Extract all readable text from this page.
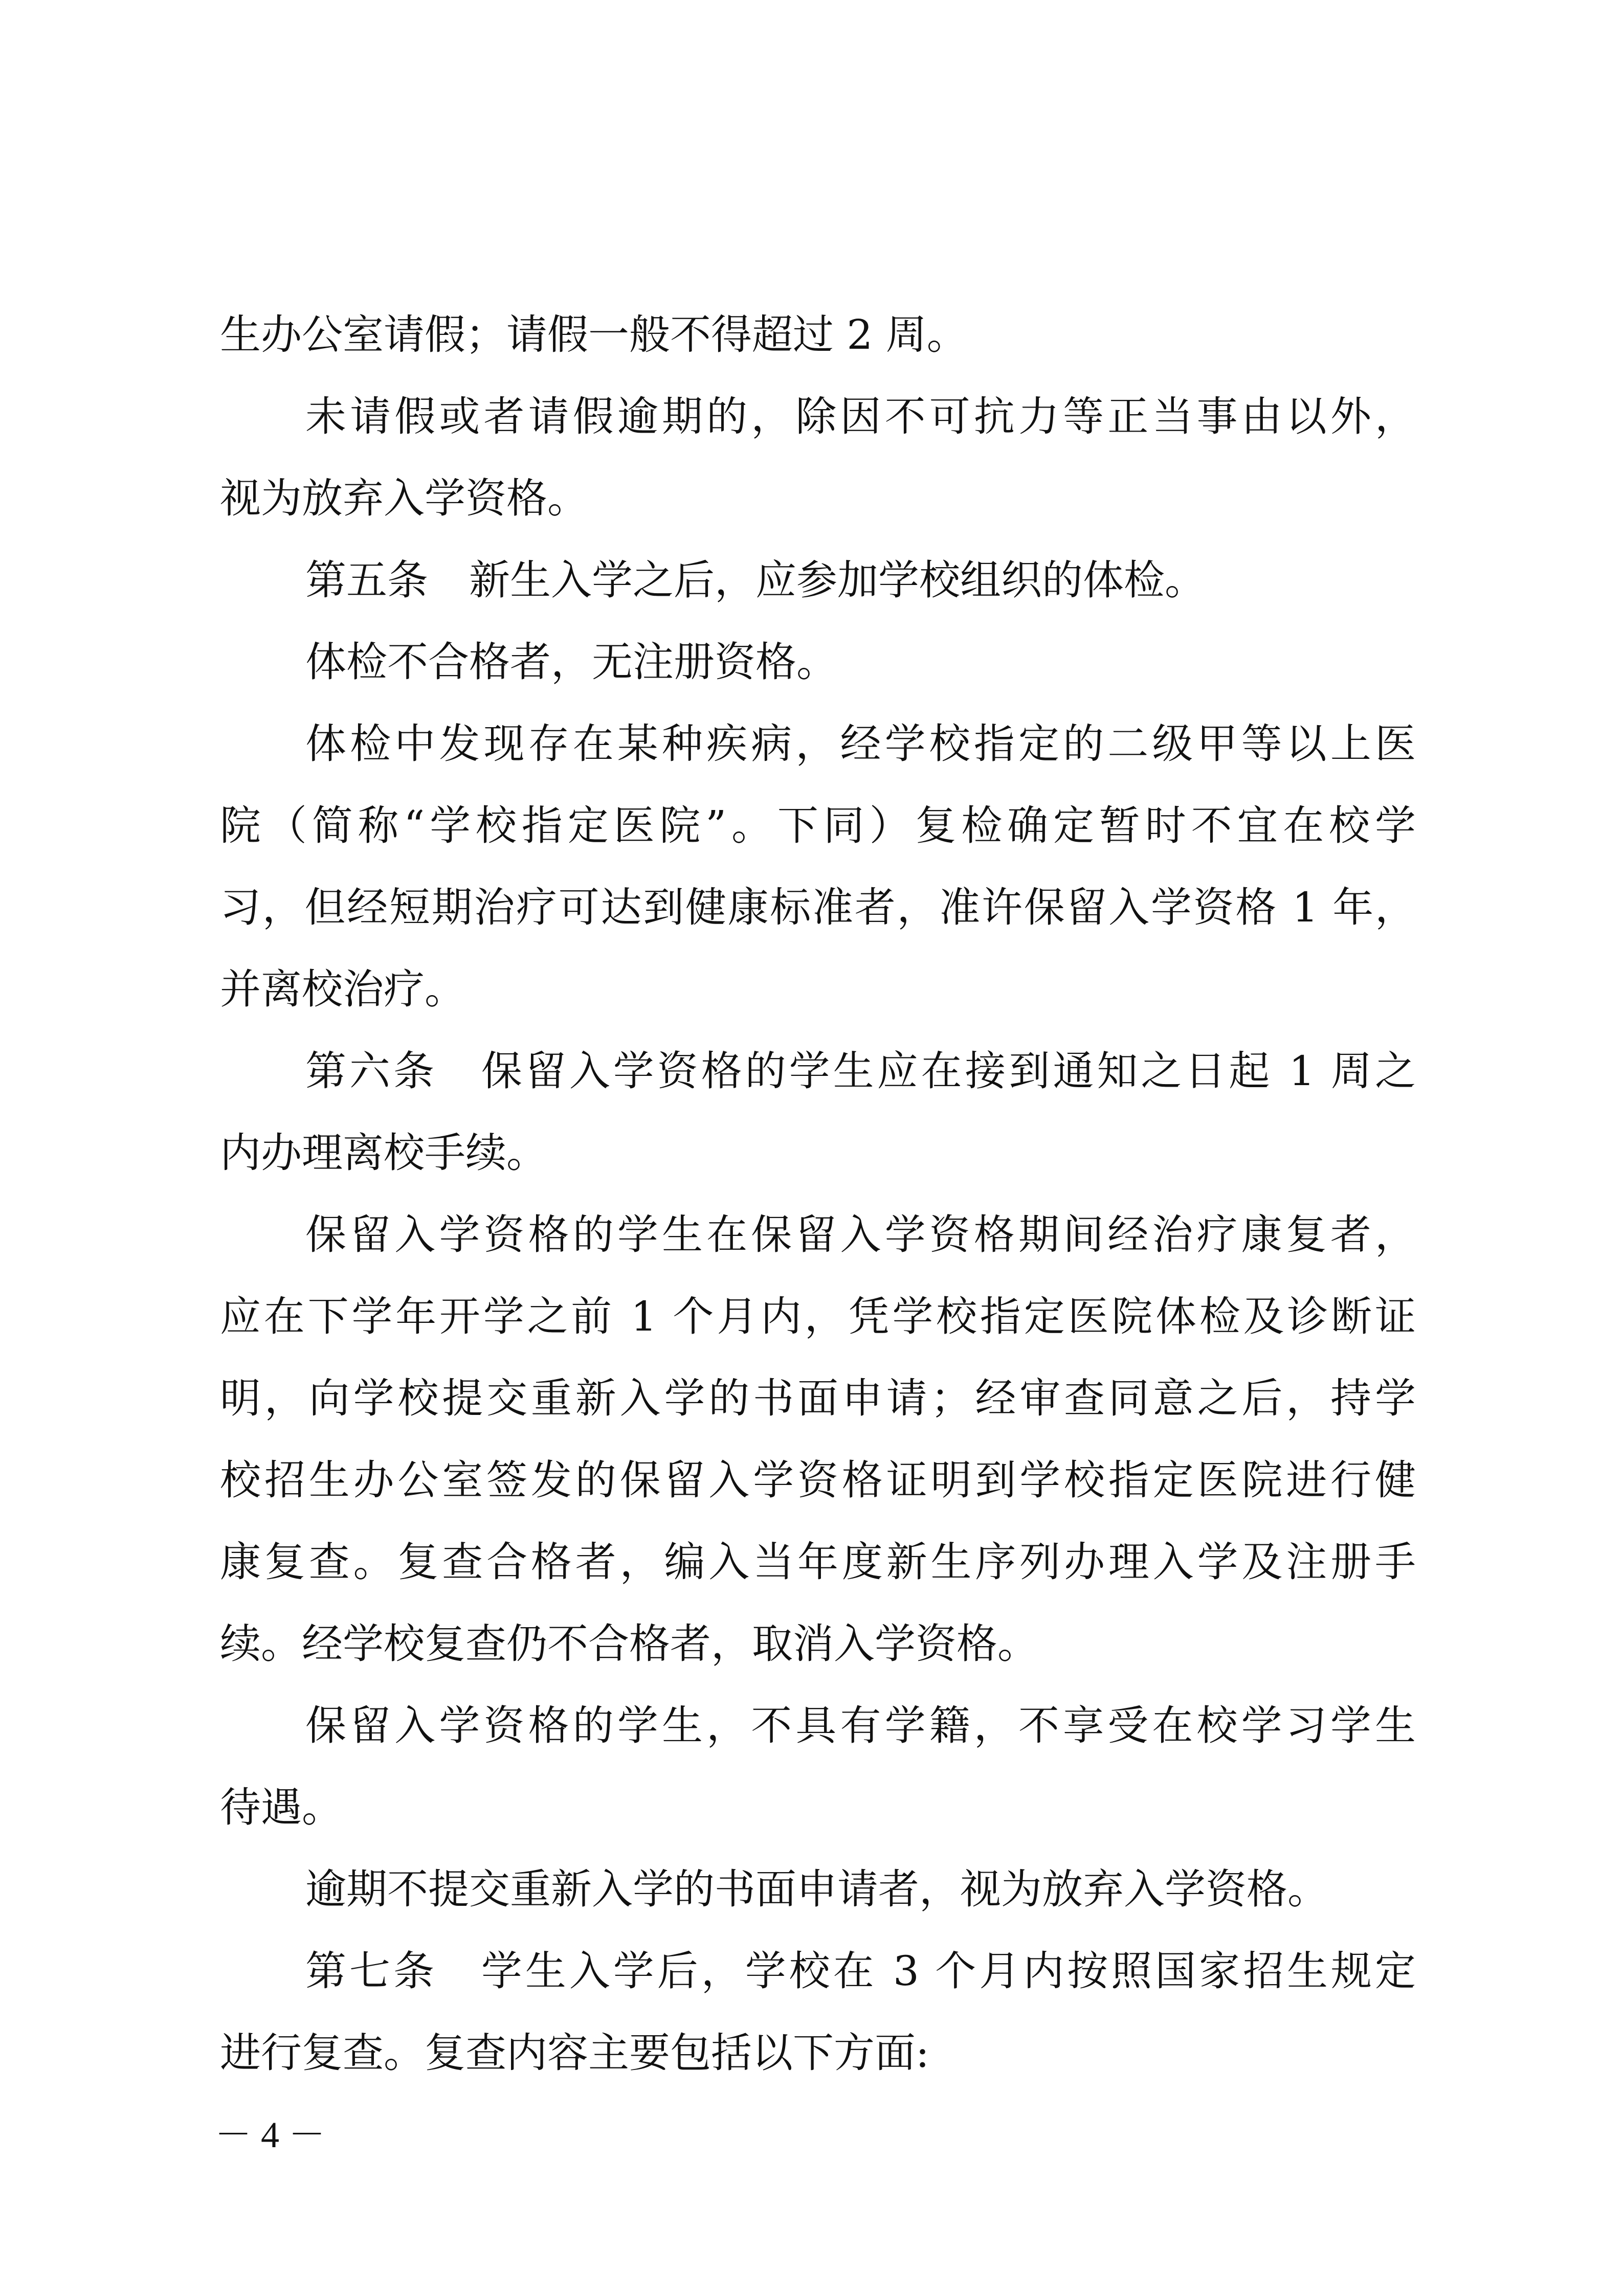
生办公室请假；请假一般不得超过 2 周。
未请假或者请假逾期的，除因不可抗力等正当事由以外，
视为放弃入学资格。
第五条　新生入学之后，应参加学校组织的体检。
体检不合格者，无注册资格。
体检中发现存在某种疾病，经学校指定的二级甲等以上医
院（简称“学校指定医院”。下同）复检确定暂时不宜在校学
习，但经短期治疗可达到健康标准者，准许保留入学资格 1 年，
并离校治疗。
第六条　保留入学资格的学生应在接到通知之日起 1 周之
内办理离校手续。
保留入学资格的学生在保留入学资格期间经治疗康复者，
应在下学年开学之前 1 个月内，凭学校指定医院体检及诊断证
明，向学校提交重新入学的书面申请；经审查同意之后，持学
校招生办公室签发的保留入学资格证明到学校指定医院进行健
康复查。复查合格者，编入当年度新生序列办理入学及注册手
续。经学校复查仍不合格者，取消入学资格。
保留入学资格的学生，不具有学籍，不享受在校学习学生
待遇。
逾期不提交重新入学的书面申请者，视为放弃入学资格。
第七条　学生入学后，学校在 3 个月内按照国家招生规定
进行复查。复查内容主要包括以下方面:
－ 4 －
